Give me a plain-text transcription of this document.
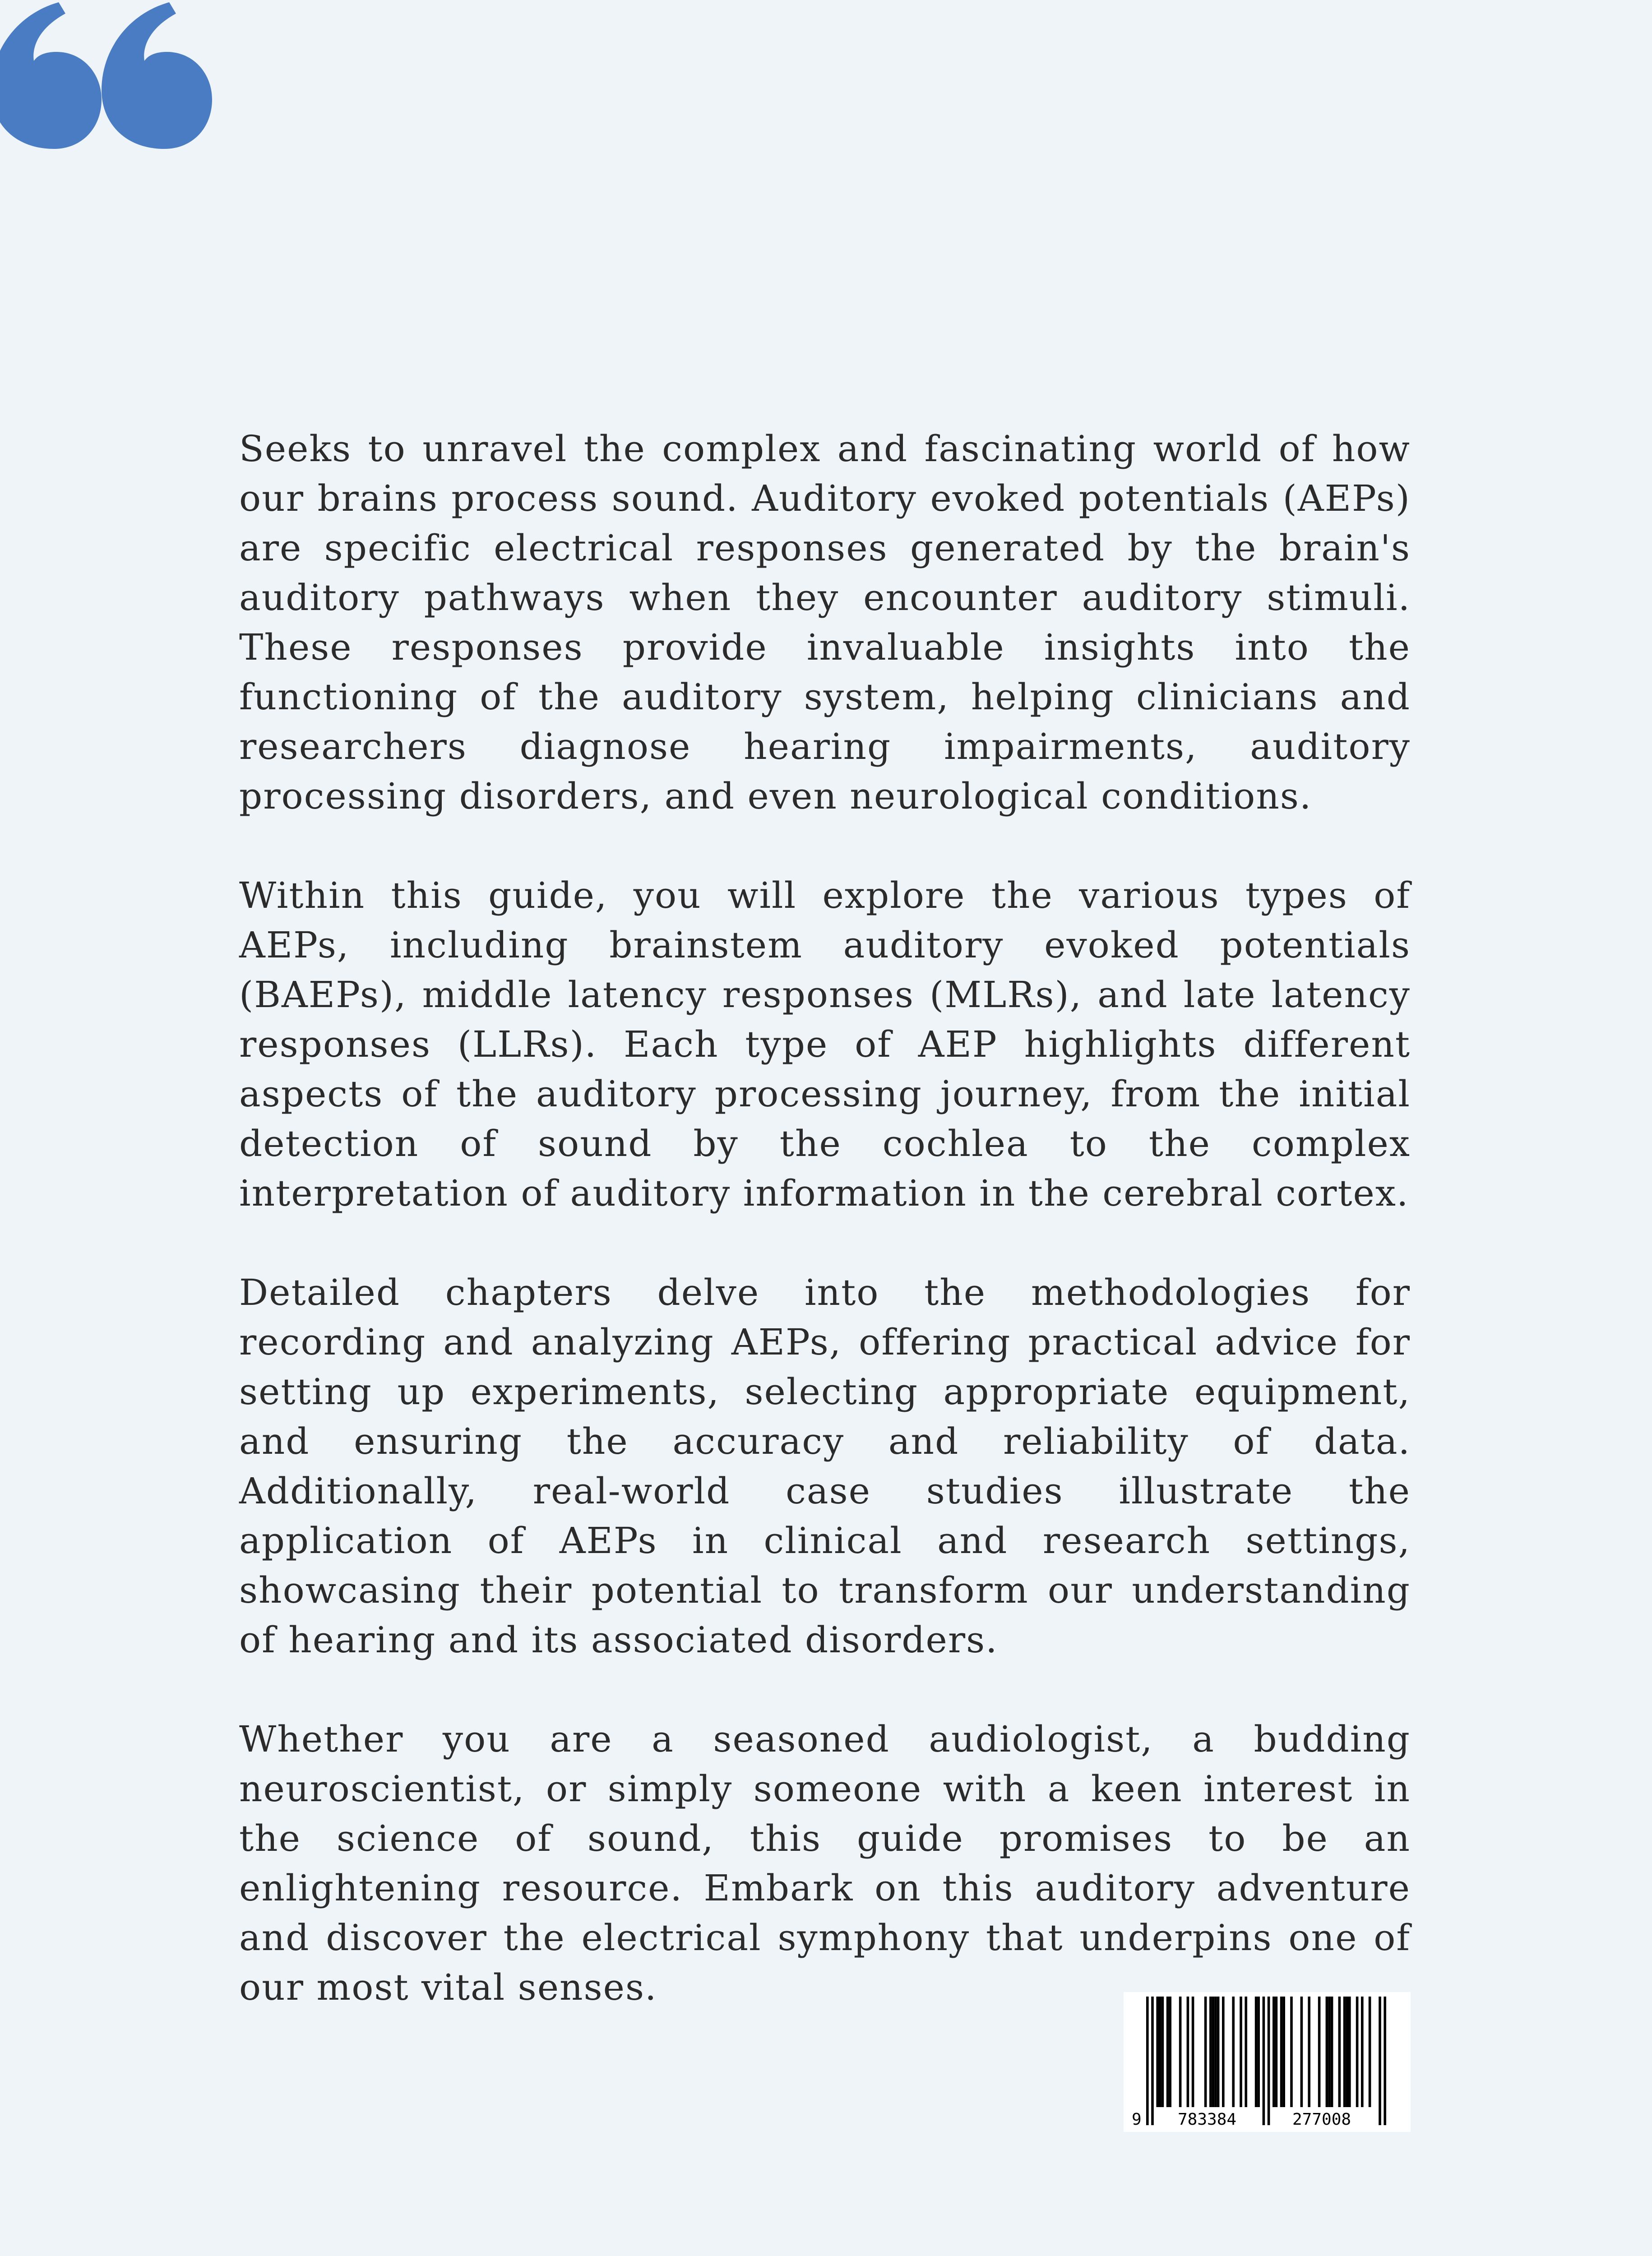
Seeks to unravel the complex and fascinating world of how our brains process sound. Auditory evoked potentials (AEPs) are specific electrical responses generated by the brain's auditory pathways when they encounter auditory stimuli. These responses provide invaluable insights into the functioning of the auditory system, helping clinicians and researchers diagnose hearing impairments, auditory processing disorders, and even neurological conditions.

Within this guide, you will explore the various types of AEPs, including brainstem auditory evoked potentials (BAEPs), middle latency responses (MLRs), and late latency responses (LLRs). Each type of AEP highlights different aspects of the auditory processing journey, from the initial detection of sound by the cochlea to the complex interpretation of auditory information in the cerebral cortex.

Detailed chapters delve into the methodologies for recording and analyzing AEPs, offering practical advice for setting up experiments, selecting appropriate equipment, and ensuring the accuracy and reliability of data. Additionally, real-world case studies illustrate the application of AEPs in clinical and research settings, showcasing their potential to transform our understanding of hearing and its associated disorders.

Whether you are a seasoned audiologist, a budding neuroscientist, or simply someone with a keen interest in the science of sound, this guide promises to be an enlightening resource. Embark on this auditory adventure and discover the electrical symphony that underpins one of our most vital senses.

9 783384	277008
